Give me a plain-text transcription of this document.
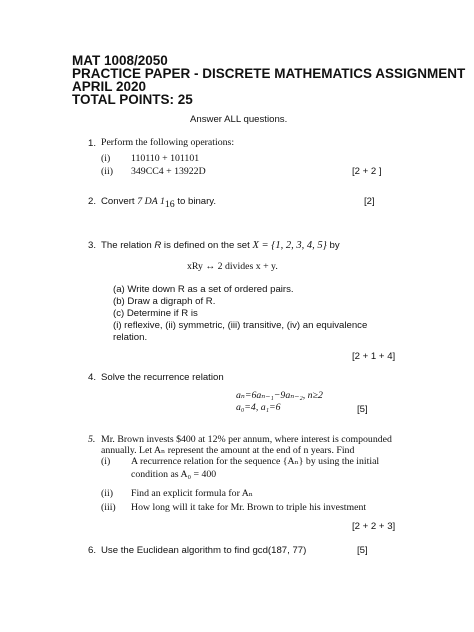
MAT 1008/2050
PRACTICE PAPER - DISCRETE MATHEMATICS ASSIGNMENT
APRIL 2020
TOTAL POINTS: 25
Answer ALL questions.
1. Perform the following operations:
(i) 110110 + 101101
(ii) 349CC4 + 13922D	[2 + 2 ]
2. Convert 7 DA $1_{16}$ to binary.	[2]
3. The relation R is defined on the set X = {1, 2, 3, 4, 5} by
xRy ↔ 2 divides x + y.
(a) Write down R as a set of ordered pairs.
(b) Draw a digraph of R.
(c) Determine if R is
(i) reflexive, (ii) symmetric, (iii) transitive, (iv) an equivalence
relation.
[2 + 1 + 4]
4. Solve the recurrence relation
aₙ=6aₙ₋₁−9aₙ₋₂, n≥2
a₀=4, a₁=6	[5]
5. Mr. Brown invests $400 at 12% per annum, where interest is compounded
annually. Let Aₙ represent the amount at the end of n years. Find
(i) A recurrence relation for the sequence {Aₙ} by using the initial
condition as A₀ = 400
(ii) Find an explicit formula for Aₙ
(iii) How long will it take for Mr. Brown to triple his investment
[2 + 2 + 3]
6. Use the Euclidean algorithm to find gcd(187, 77)	[5]
